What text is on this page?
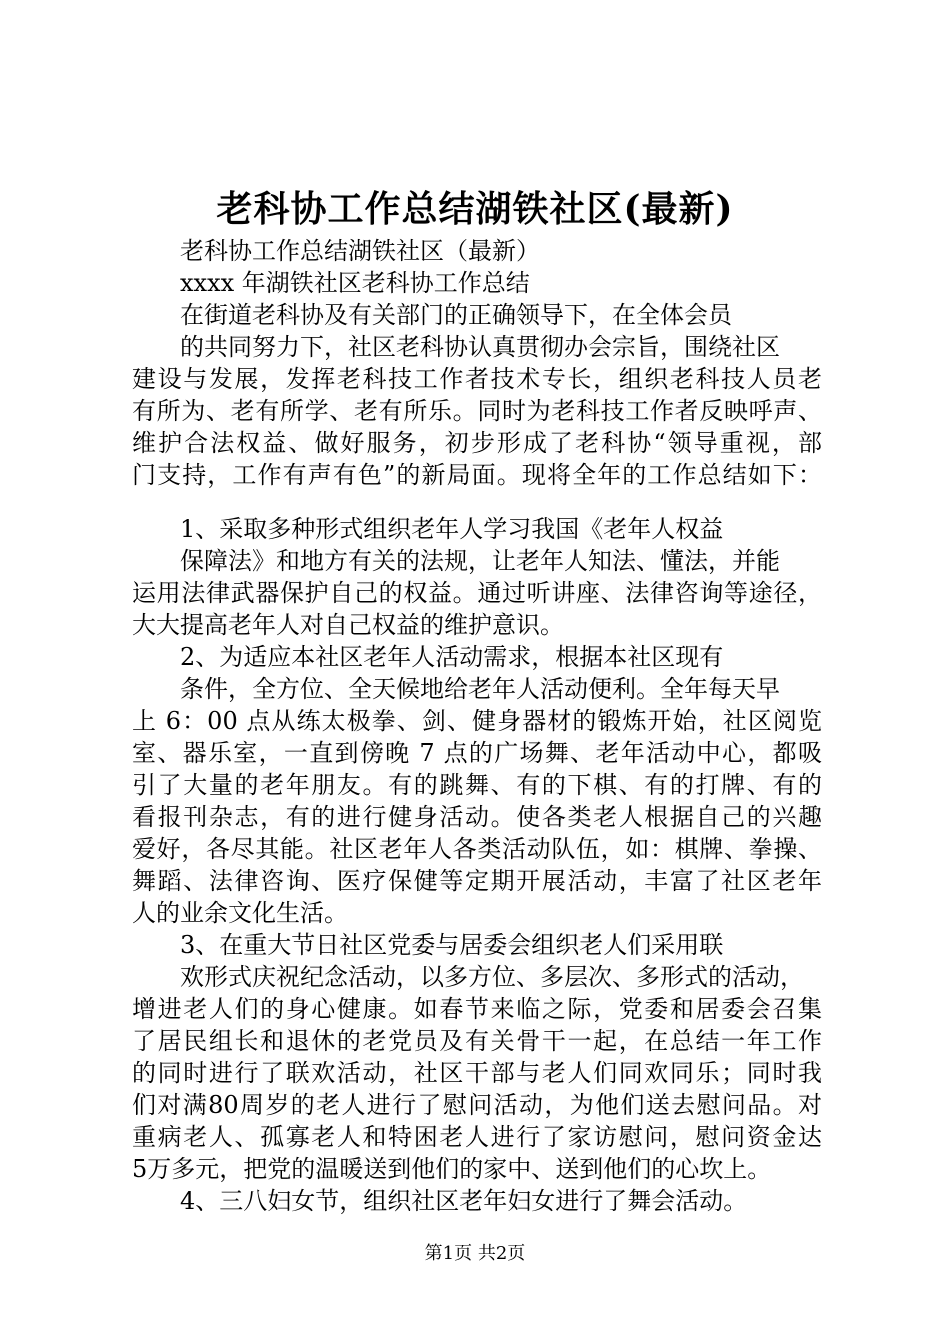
老科协工作总结湖铁社区(最新)
老科协工作总结湖铁社区（最新）
xxxx 年湖铁社区老科协工作总结
在街道老科协及有关部门的正确领导下，在全体会员
的共同努力下，社区老科协认真贯彻办会宗旨，围绕社区
建设与发展，发挥老科技工作者技术专长，组织老科技人员老
有所为、老有所学、老有所乐。同时为老科技工作者反映呼声、
维护合法权益、做好服务，初步形成了老科协“领导重视，部
门支持，工作有声有色”的新局面。现将全年的工作总结如下：
1、采取多种形式组织老年人学习我国《老年人权益
保障法》和地方有关的法规，让老年人知法、懂法，并能
运用法律武器保护自己的权益。通过听讲座、法律咨询等途径，
大大提高老年人对自己权益的维护意识。
2、为适应本社区老年人活动需求，根据本社区现有
条件，全方位、全天候地给老年人活动便利。全年每天早
上 6：00 点从练太极拳、剑、健身器材的锻炼开始，社区阅览
室、器乐室，一直到傍晚 7 点的广场舞、老年活动中心，都吸
引了大量的老年朋友。有的跳舞、有的下棋、有的打牌、有的
看报刊杂志，有的进行健身活动。使各类老人根据自己的兴趣
爱好，各尽其能。社区老年人各类活动队伍，如：棋牌、拳操、
舞蹈、法律咨询、医疗保健等定期开展活动，丰富了社区老年
人的业余文化生活。
3、在重大节日社区党委与居委会组织老人们采用联
欢形式庆祝纪念活动，以多方位、多层次、多形式的活动，
增进老人们的身心健康。如春节来临之际，党委和居委会召集
了居民组长和退休的老党员及有关骨干一起，在总结一年工作
的同时进行了联欢活动，社区干部与老人们同欢同乐；同时我
们对满80周岁的老人进行了慰问活动，为他们送去慰问品。对
重病老人、孤寡老人和特困老人进行了家访慰问，慰问资金达
5万多元，把党的温暖送到他们的家中、送到他们的心坎上。
4、三八妇女节，组织社区老年妇女进行了舞会活动。
第1页 共2页
